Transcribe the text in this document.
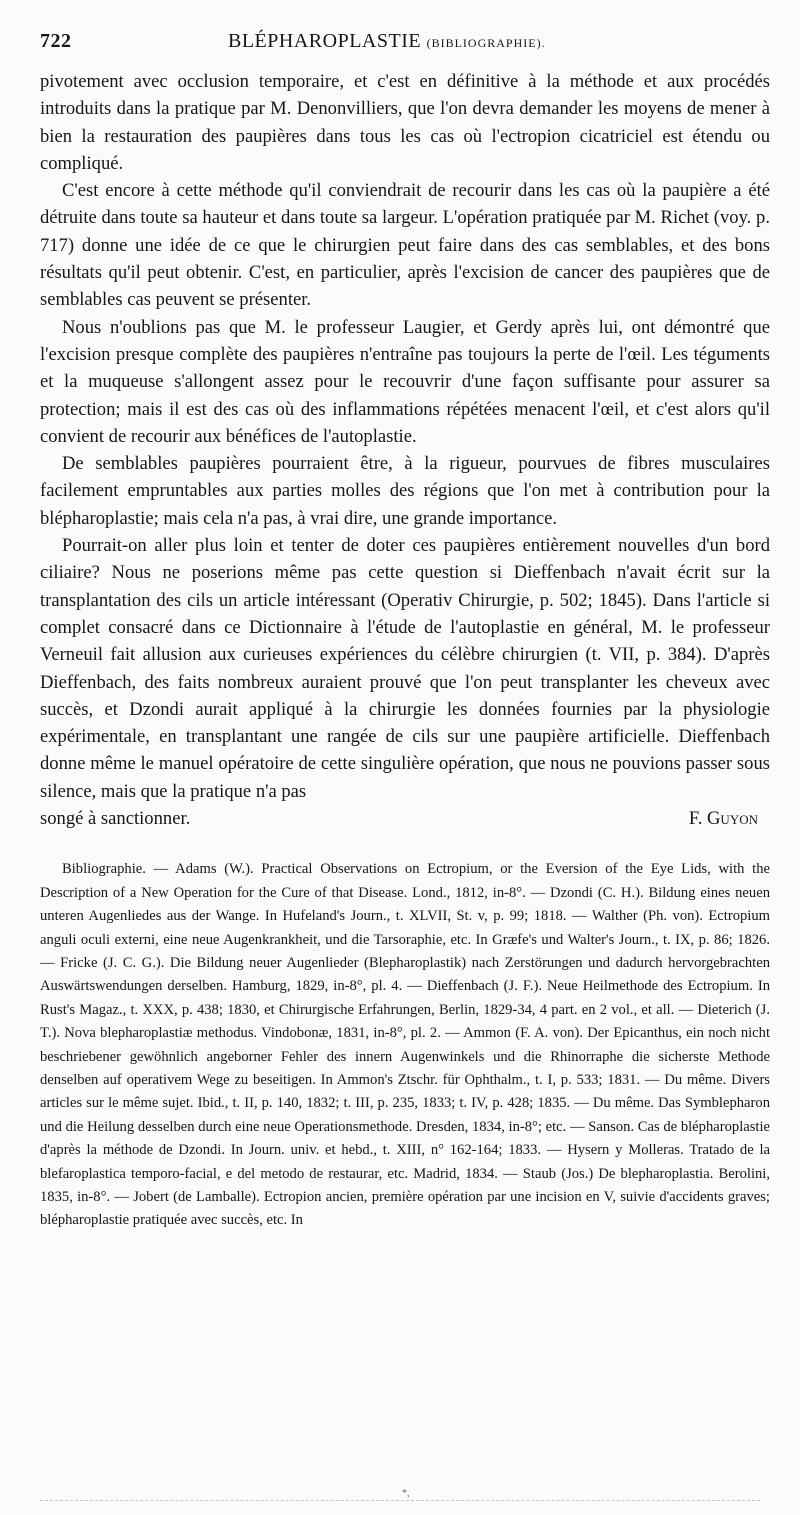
722	BLÉPHAROPLASTIE (BIBLIOGRAPHIE).

pivotement avec occlusion temporaire, et c'est en définitive à la méthode et aux procédés introduits dans la pratique par M. Denonvilliers, que l'on devra demander les moyens de mener à bien la restauration des paupières dans tous les cas où l'ectropion cicatriciel est étendu ou compliqué.

C'est encore à cette méthode qu'il conviendrait de recourir dans les cas où la paupière a été détruite dans toute sa hauteur et dans toute sa largeur. L'opération pratiquée par M. Richet (voy. p. 717) donne une idée de ce que le chirurgien peut faire dans des cas semblables, et des bons résultats qu'il peut obtenir. C'est, en particulier, après l'excision de cancer des paupières que de semblables cas peuvent se présenter.

Nous n'oublions pas que M. le professeur Laugier, et Gerdy après lui, ont démontré que l'excision presque complète des paupières n'entraîne pas toujours la perte de l'œil. Les téguments et la muqueuse s'allongent assez pour le recouvrir d'une façon suffisante pour assurer sa protection; mais il est des cas où des inflammations répétées menacent l'œil, et c'est alors qu'il convient de recourir aux bénéfices de l'autoplastie.

De semblables paupières pourraient être, à la rigueur, pourvues de fibres musculaires facilement empruntables aux parties molles des régions que l'on met à contribution pour la blépharoplastie; mais cela n'a pas, à vrai dire, une grande importance.

Pourrait-on aller plus loin et tenter de doter ces paupières entièrement nouvelles d'un bord ciliaire? Nous ne poserions même pas cette question si Dieffenbach n'avait écrit sur la transplantation des cils un article intéressant (Operativ Chirurgie, p. 502; 1845). Dans l'article si complet consacré dans ce Dictionnaire à l'étude de l'autoplastie en général, M. le professeur Verneuil fait allusion aux curieuses expériences du célèbre chirurgien (t. VII, p. 384). D'après Dieffenbach, des faits nombreux auraient prouvé que l'on peut transplanter les cheveux avec succès, et Dzondi aurait appliqué à la chirurgie les données fournies par la physiologie expérimentale, en transplantant une rangée de cils sur une paupière artificielle. Dieffenbach donne même le manuel opératoire de cette singulière opération, que nous ne pouvions passer sous silence, mais que la pratique n'a pas

songé à sanctionner.	F. Guyon
Bibliographie. — Adams (W.). Practical Observations on Ectropium, or the Eversion of the Eye Lids, with the Description of a New Operation for the Cure of that Disease. Lond., 1812, in-8°. — Dzondi (C. H.). Bildung eines neuen unteren Augenliedes aus der Wange. In Hufeland's Journ., t. XLVII, St. v, p. 99; 1818. — Walther (Ph. von). Ectropium anguli oculi externi, eine neue Augenkrankheit, und die Tarsoraphie, etc. In Græfe's und Walter's Journ., t. IX, p. 86; 1826. — Fricke (J. C. G.). Die Bildung neuer Augenlieder (Blepharoplastik) nach Zerstörungen und dadurch hervorgebrachten Auswärtswendungen derselben. Hamburg, 1829, in-8°, pl. 4. — Dieffenbach (J. F.). Neue Heilmethode des Ectropium. In Rust's Magaz., t. XXX, p. 438; 1830, et Chirurgische Erfahrungen, Berlin, 1829-34, 4 part. en 2 vol., et all. — Dieterich (J. T.). Nova blepharoplastiæ methodus. Vindobonæ, 1831, in-8°, pl. 2. — Ammon (F. A. von). Der Epicanthus, ein noch nicht beschriebener gewöhnlich angeborner Fehler des innern Augenwinkels und die Rhinorraphe die sicherste Methode denselben auf operativem Wege zu beseitigen. In Ammon's Ztschr. für Ophthalm., t. I, p. 533; 1831. — Du même. Divers articles sur le même sujet. Ibid., t. II, p. 140, 1832; t. III, p. 235, 1833; t. IV, p. 428; 1835. — Du même. Das Symblepharon und die Heilung desselben durch eine neue Operationsmethode. Dresden, 1834, in-8°; etc. — Sanson. Cas de blépharoplastie d'après la méthode de Dzondi. In Journ. univ. et hebd., t. XIII, n° 162-164; 1833. — Hysern y Molleras. Tratado de la blefaroplastica temporo-facial, e del metodo de restaurar, etc. Madrid, 1834. — Staub (Jos.) De blepharoplastia. Berolini, 1835, in-8°. — Jobert (de Lamballe). Ectropion ancien, première opération par une incision en V, suivie d'accidents graves; blépharoplastie pratiquée avec succès, etc. In
*,
